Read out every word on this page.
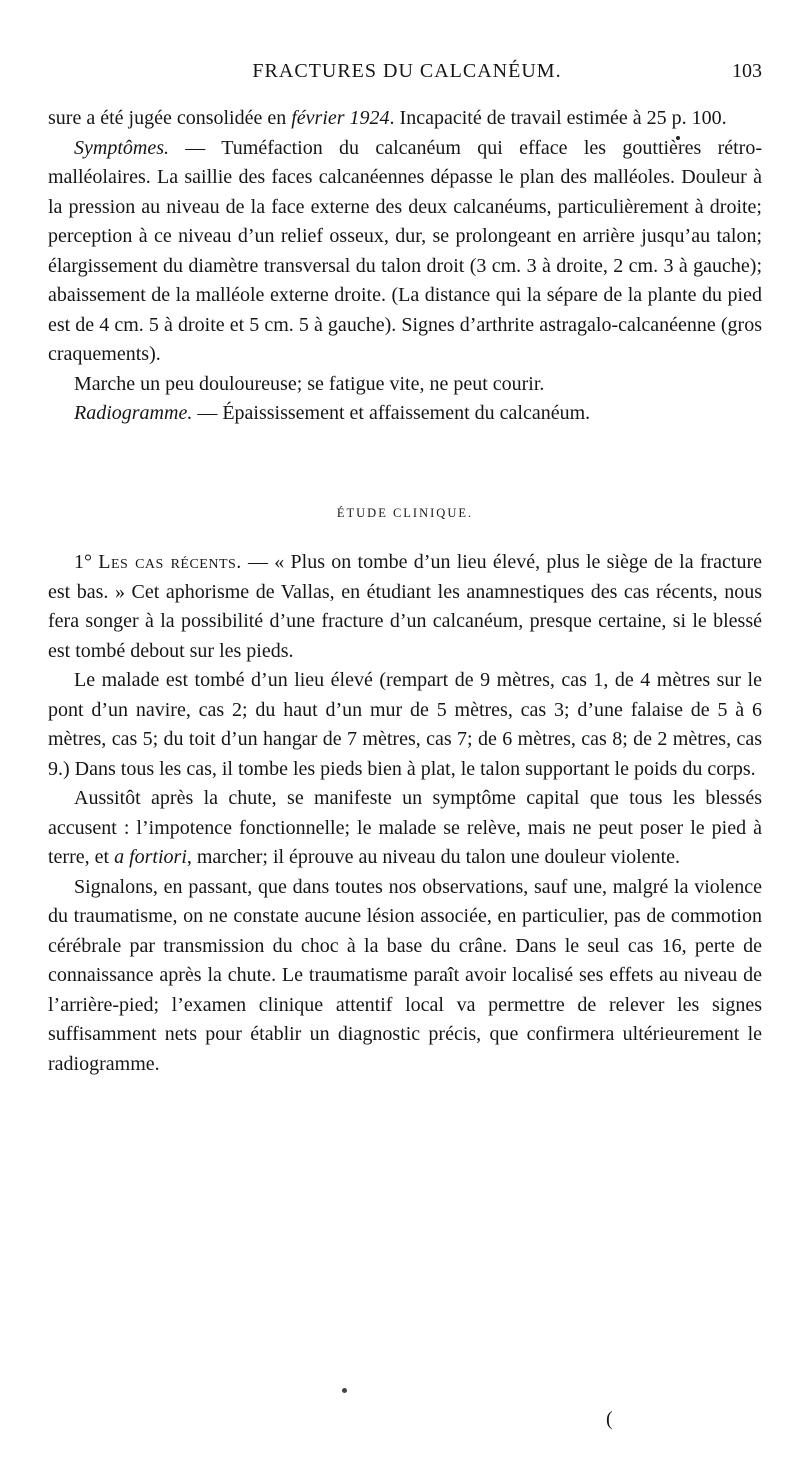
FRACTURES DU CALCANÉUM.	103

sure a été jugée consolidée en février 1924. Incapacité de travail estimée à 25 p. 100.

Symptômes. — Tuméfaction du calcanéum qui efface les gouttières rétro-malléolaires. La saillie des faces calcanéennes dépasse le plan des malléoles. Douleur à la pression au niveau de la face externe des deux calcanéums, particulièrement à droite; perception à ce niveau d’un relief osseux, dur, se prolongeant en arrière jusqu’au talon; élargissement du diamètre transversal du talon droit (3 cm. 3 à droite, 2 cm. 3 à gauche); abaissement de la malléole externe droite. (La distance qui la sépare de la plante du pied est de 4 cm. 5 à droite et 5 cm. 5 à gauche). Signes d’arthrite astragalo-calcanéenne (gros craquements).

Marche un peu douloureuse; se fatigue vite, ne peut courir.

Radiogramme. — Épaississement et affaissement du calcanéum.

ÉTUDE CLINIQUE.

1° Les cas récents. — « Plus on tombe d’un lieu élevé, plus le siège de la fracture est bas. » Cet aphorisme de Vallas, en étudiant les anamnestiques des cas récents, nous fera songer à la possibilité d’une fracture d’un calcanéum, presque certaine, si le blessé est tombé debout sur les pieds.

Le malade est tombé d’un lieu élevé (rempart de 9 mètres, cas 1, de 4 mètres sur le pont d’un navire, cas 2; du haut d’un mur de 5 mètres, cas 3; d’une falaise de 5 à 6 mètres, cas 5; du toit d’un hangar de 7 mètres, cas 7; de 6 mètres, cas 8; de 2 mètres, cas 9.) Dans tous les cas, il tombe les pieds bien à plat, le talon supportant le poids du corps.

Aussitôt après la chute, se manifeste un symptôme capital que tous les blessés accusent : l’impotence fonctionnelle; le malade se relève, mais ne peut poser le pied à terre, et a fortiori, marcher; il éprouve au niveau du talon une douleur violente.

Signalons, en passant, que dans toutes nos observations, sauf une, malgré la violence du traumatisme, on ne constate aucune lésion associée, en particulier, pas de commotion cérébrale par transmission du choc à la base du crâne. Dans le seul cas 16, perte de connaissance après la chute. Le traumatisme paraît avoir localisé ses effets au niveau de l’arrière-pied; l’examen clinique attentif local va permettre de relever les signes suffisamment nets pour établir un diagnostic précis, que confirmera ultérieurement le radiogramme.

(
